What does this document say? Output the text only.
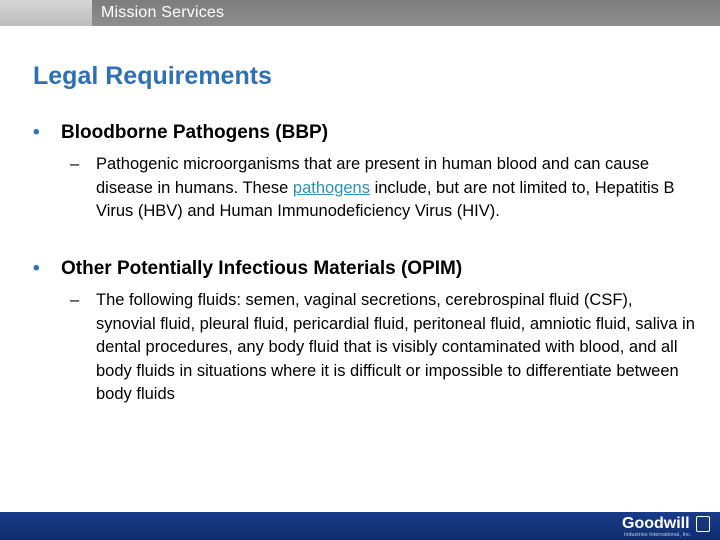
Mission Services
Legal Requirements
• Bloodborne Pathogens (BBP)
– Pathogenic microorganisms that are present in human blood and can cause disease in humans. These pathogens include, but are not limited to, Hepatitis B Virus (HBV) and Human Immunodeficiency Virus (HIV).
• Other Potentially Infectious Materials (OPIM)
– The following fluids: semen, vaginal secretions, cerebrospinal fluid (CSF), synovial fluid, pleural fluid, pericardial fluid, peritoneal fluid, amniotic fluid, saliva in dental procedures, any body fluid that is visibly contaminated with blood, and all body fluids in situations where it is difficult or impossible to differentiate between body fluids
Goodwill
Industries International, Inc.
